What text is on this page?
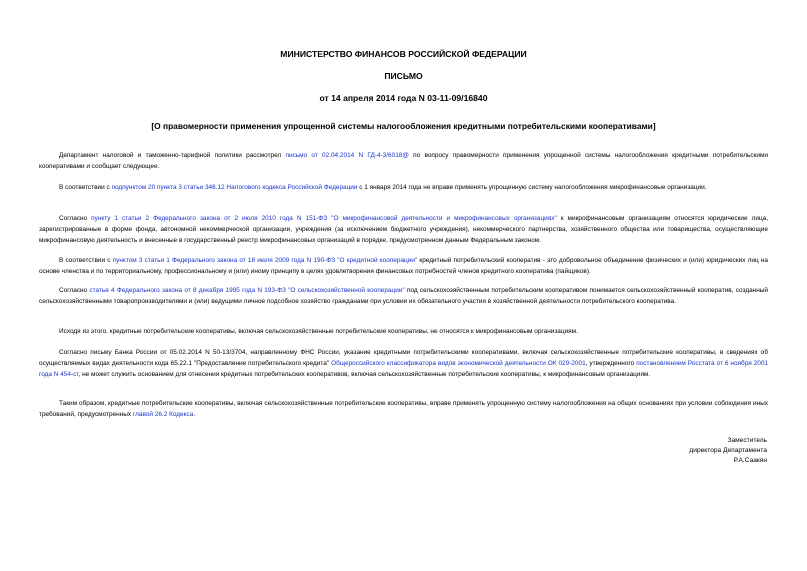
МИНИСТЕРСТВО ФИНАНСОВ РОССИЙСКОЙ ФЕДЕРАЦИИ
ПИСЬМО
от 14 апреля 2014 года N 03-11-09/16840
[О правомерности применения упрощенной системы налогообложения кредитными потребительскими кооперативами]

Департамент налоговой и таможенно-тарифной политики рассмотрел письмо от 02.04.2014 N ГД-4-3/6018@ по вопросу правомерности применения упрощенной системы налогообложения кредитными потребительскими кооперативами и сообщает следующее.

В соответствии с подпунктом 20 пункта 3 статьи 346.12 Налогового кодекса Российской Федерации с 1 января 2014 года не вправе применять упрощенную систему налогообложения микрофинансовые организации.

Согласно пункту 1 статьи 2 Федерального закона от 2 июля 2010 года N 151-ФЗ "О микрофинансовой деятельности и микрофинансовых организациях" к микрофинансовым организациям относятся юридические лица, зарегистрированные в форме фонда, автономной некоммерческой организации, учреждения (за исключением бюджетного учреждения), некоммерческого партнерства, хозяйственного общества или товарищества, осуществляющие микрофинансовую деятельность и внесенные в государственный реестр микрофинансовых организаций в порядке, предусмотренном данным Федеральным законом.

В соответствии с пунктом 3 статьи 1 Федерального закона от 18 июля 2009 года N 190-ФЗ "О кредитной кооперации" кредитный потребительский кооператив - это добровольное объединение физических и (или) юридических лиц на основе членства и по территориальному, профессиональному и (или) иному принципу в целях удовлетворения финансовых потребностей членов кредитного кооператива (пайщиков).

Согласно статье 4 Федерального закона от 8 декабря 1995 года N 193-ФЗ "О сельскохозяйственной кооперации" под сельскохозяйственным потребительским кооперативом понимается сельскохозяйственный кооператив, созданный сельскохозяйственными товаропроизводителями и (или) ведущими личное подсобное хозяйство гражданами при условии их обязательного участия в хозяйственной деятельности потребительского кооператива.

Исходя из этого, кредитные потребительские кооперативы, включая сельскохозяйственные потребительские кооперативы, не относятся к микрофинансовым организациям.

Согласно письму Банка России от 05.02.2014 N 50-13/3704, направленному ФНС России, указание кредитными потребительскими кооперативами, включая сельскохозяйственные потребительские кооперативы, в сведениях об осуществляемых видах деятельности кода 65.22.1 "Предоставление потребительского кредита" Общероссийского классификатора видов экономической деятельности ОК 029-2001, утвержденного постановлением Росстата от 6 ноября 2001 года N 454-ст, не может служить основанием для отнесения кредитных потребительских кооперативов, включая сельскохозяйственные потребительские кооперативы, к микрофинансовым организациям.

Таким образом, кредитные потребительские кооперативы, включая сельскохозяйственные потребительские кооперативы, вправе применять упрощенную систему налогообложения на общих основаниях при условии соблюдения иных требований, предусмотренных главой 26.2 Кодекса.

Заместитель
директора Департамента
Р.А.Саакян
